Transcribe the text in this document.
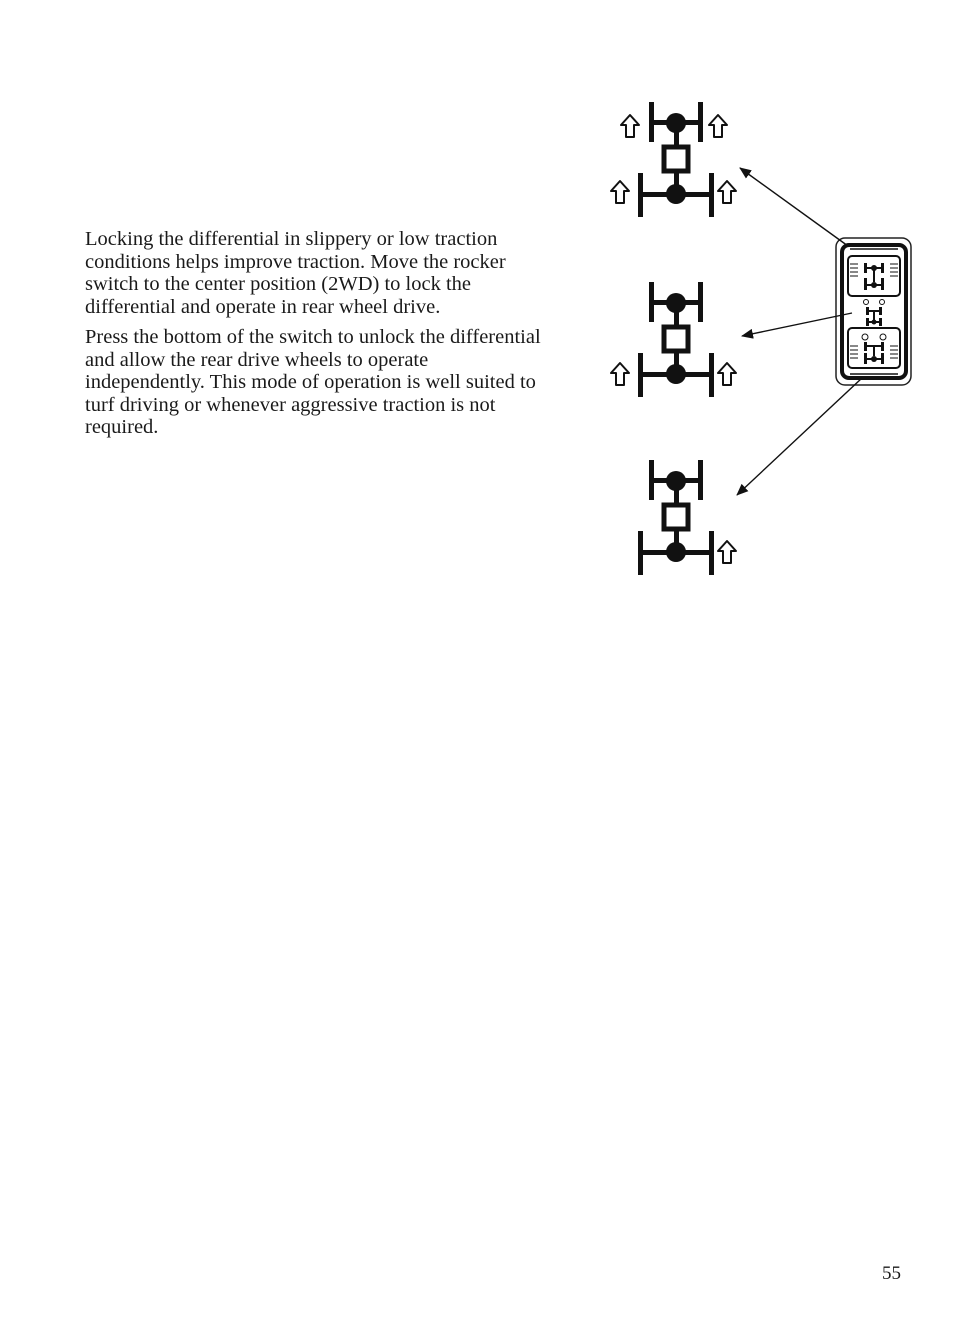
Locking the differential in slippery or low traction conditions helps improve traction. Move the rocker switch to the center position (2WD) to lock the differential and operate in rear wheel drive.

Press the bottom of the switch to unlock the differential and allow the rear drive wheels to operate independently. This mode of operation is well suited to turf driving or whenever aggressive traction is not required.

55
